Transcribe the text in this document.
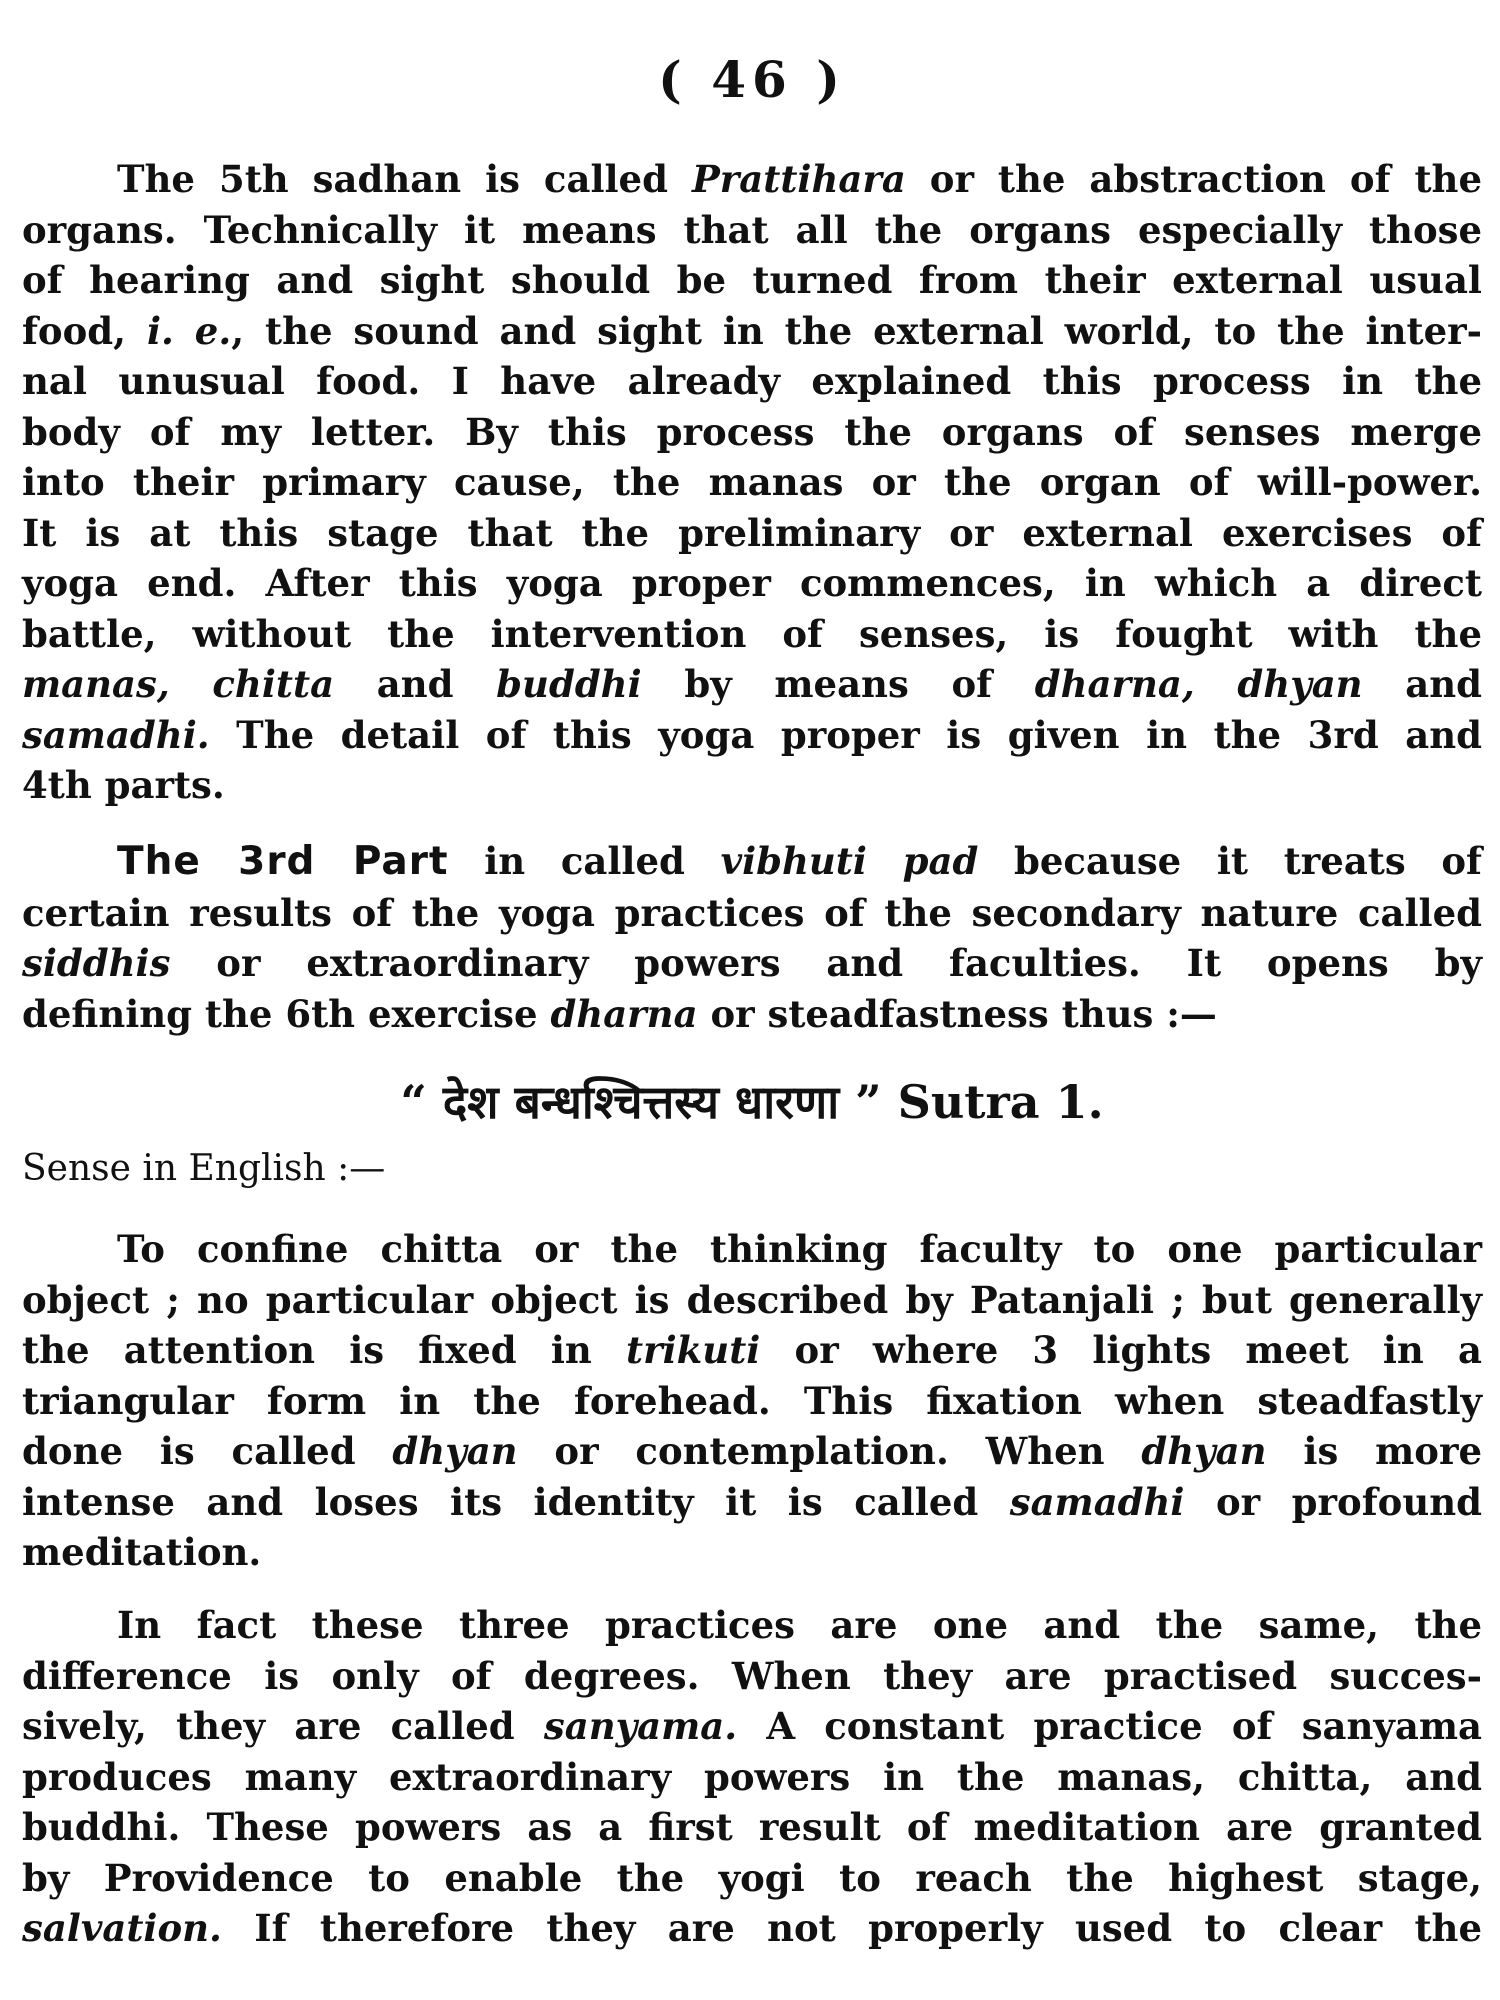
( 46 )
The 5th sadhan is called Prattihara or the abstraction of the
organs. Technically it means that all the organs especially those
of hearing and sight should be turned from their external usual
food, i. e., the sound and sight in the external world, to the inter-
nal unusual food. I have already explained this process in the
body of my letter. By this process the organs of senses merge
into their primary cause, the manas or the organ of will-power.
It is at this stage that the preliminary or external exercises of
yoga end. After this yoga proper commences, in which a direct
battle, without the intervention of senses, is fought with the
manas, chitta and buddhi by means of dharna, dhyan and
samadhi. The detail of this yoga proper is given in the 3rd and
4th parts.
The 3rd Part in called vibhuti pad because it treats of
certain results of the yoga practices of the secondary nature called
siddhis or extraordinary powers and faculties. It opens by
defining the 6th exercise dharna or steadfastness thus :—
“ देश बन्धश्चित्तस्य धारणा ” Sutra 1.
Sense in English :—
To confine chitta or the thinking faculty to one particular
object ; no particular object is described by Patanjali ; but generally
the attention is fixed in trikuti or where 3 lights meet in a
triangular form in the forehead. This fixation when steadfastly
done is called dhyan or contemplation. When dhyan is more
intense and loses its identity it is called samadhi or profound
meditation.
In fact these three practices are one and the same, the
difference is only of degrees. When they are practised succes-
sively, they are called sanyama. A constant practice of sanyama
produces many extraordinary powers in the manas, chitta, and
buddhi. These powers as a first result of meditation are granted
by Providence to enable the yogi to reach the highest stage,
salvation. If therefore they are not properly used to clear the
